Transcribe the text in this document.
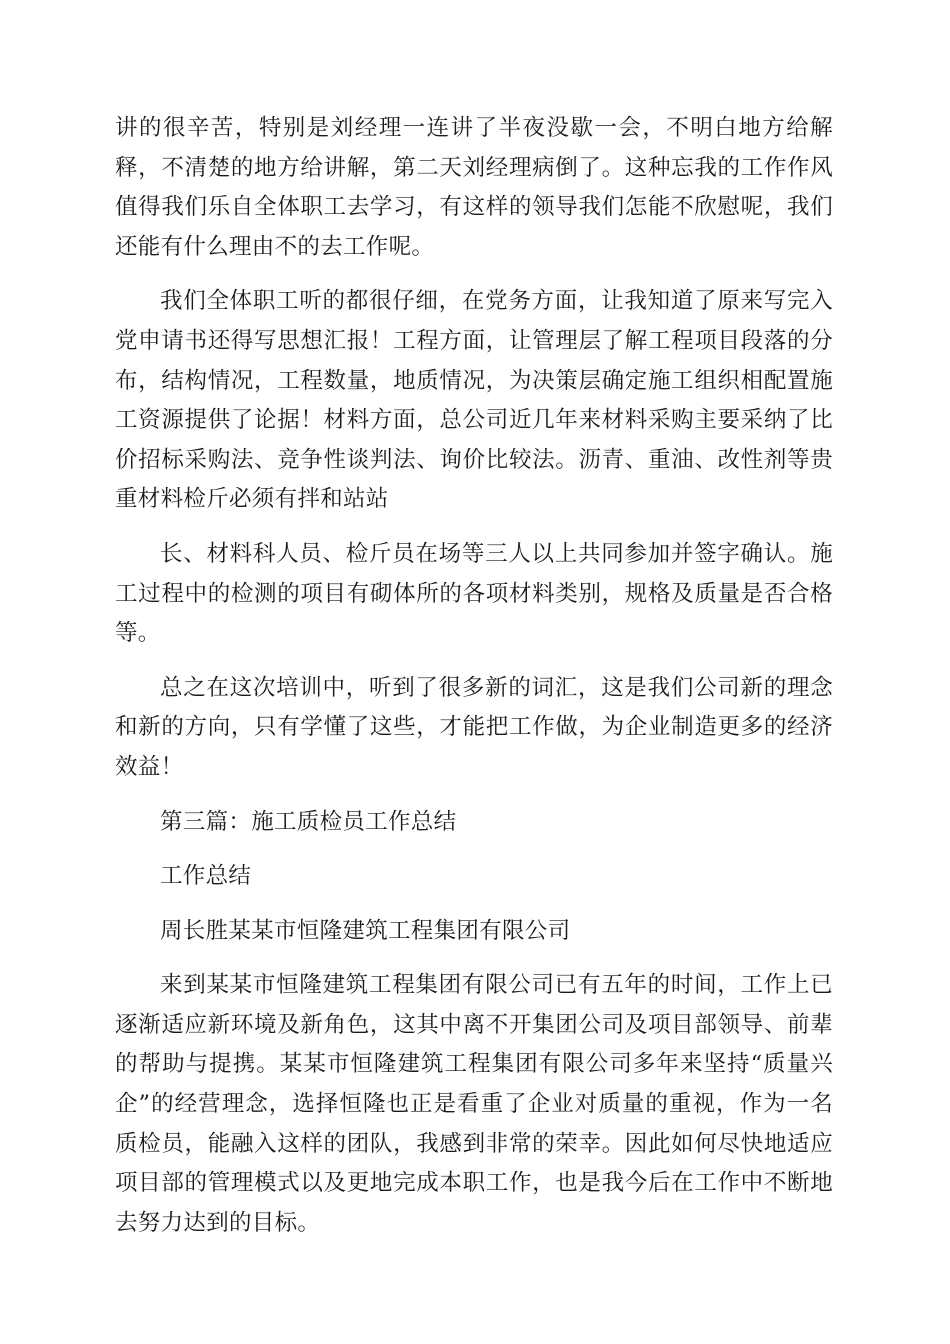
讲的很辛苦，特别是刘经理一连讲了半夜没歇一会，不明白地方给解释，不清楚的地方给讲解，第二天刘经理病倒了。这种忘我的工作作风值得我们乐自全体职工去学习，有这样的领导我们怎能不欣慰呢，我们还能有什么理由不的去工作呢。

我们全体职工听的都很仔细，在党务方面，让我知道了原来写完入党申请书还得写思想汇报！工程方面，让管理层了解工程项目段落的分布，结构情况，工程数量，地质情况，为决策层确定施工组织相配置施工资源提供了论据！材料方面，总公司近几年来材料采购主要采纳了比价招标采购法、竞争性谈判法、询价比较法。沥青、重油、改性剂等贵重材料检斤必须有拌和站站

长、材料科人员、检斤员在场等三人以上共同参加并签字确认。施工过程中的检测的项目有砌体所的各项材料类别，规格及质量是否合格等。

总之在这次培训中，听到了很多新的词汇，这是我们公司新的理念和新的方向，只有学懂了这些，才能把工作做，为企业制造更多的经济效益！

第三篇：施工质检员工作总结

工作总结

周长胜某某市恒隆建筑工程集团有限公司

来到某某市恒隆建筑工程集团有限公司已有五年的时间，工作上已逐渐适应新环境及新角色，这其中离不开集团公司及项目部领导、前辈的帮助与提携。某某市恒隆建筑工程集团有限公司多年来坚持“质量兴企”的经营理念，选择恒隆也正是看重了企业对质量的重视，作为一名质检员，能融入这样的团队，我感到非常的荣幸。因此如何尽快地适应项目部的管理模式以及更地完成本职工作，也是我今后在工作中不断地去努力达到的目标。
